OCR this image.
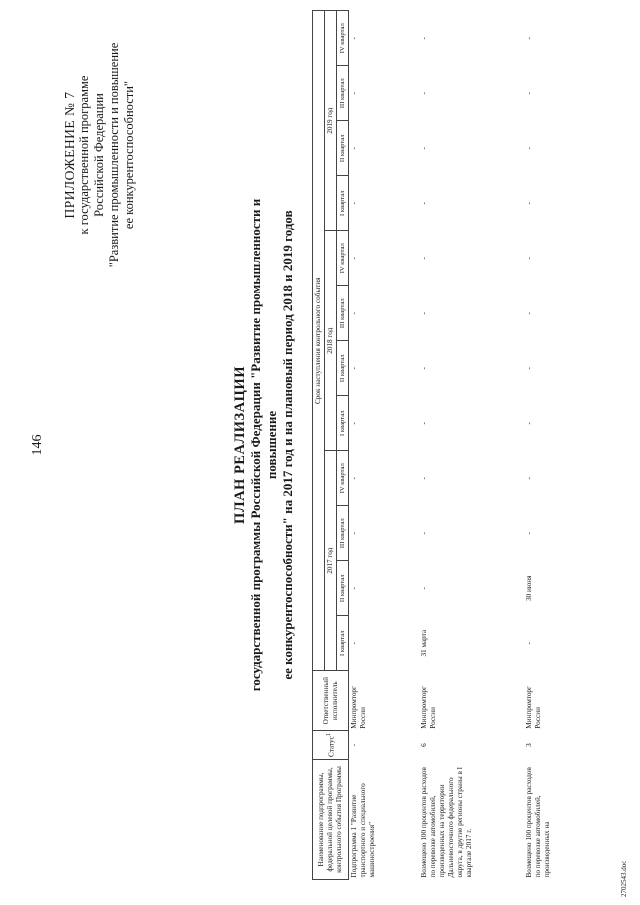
146
ПРИЛОЖЕНИЕ № 7 к государственной программе Российской Федерации "Развитие промышленности и повышение ее конкурентоспособности"
ПЛАН РЕАЛИЗАЦИИ государственной программы Российской Федерации "Развитие промышленности и повышение ее конкурентоспособности" на 2017 год и на плановый период 2018 и 2019 годов
Наименование подпрограммы, федеральной целевой программы, контрольного события Программы	Статус$^1$	Ответственный исполнитель	Срок наступления контрольного события											
			2017 год				2018 год				2019 год			
			I квартал	II квартал	III квартал	IV квартал	I квартал	II квартал	III квартал	IV квартал	I квартал	II квартал	III квартал	IV квартал
Подпрограмма 1 "Развитие транспортного и специального машиностроения"	-	Минпромторг России	-	-	-	-	-	-	-	-	-	-	-	-
Возмещено 100 процентов расходов по перевозке автомобилей, произведенных на территории Дальневосточного федерального округа, в другие регионы страны в I квартале 2017 г.	6	Минпромторг России	31 марта	-	-	-	-	-	-	-	-	-	-	-
Возмещено 100 процентов расходов по перевозке автомобилей, произведенных на	3	Минпромторг России	-	30 июня	-	-	-	-	-	-	-	-	-	-
2702543.doc
